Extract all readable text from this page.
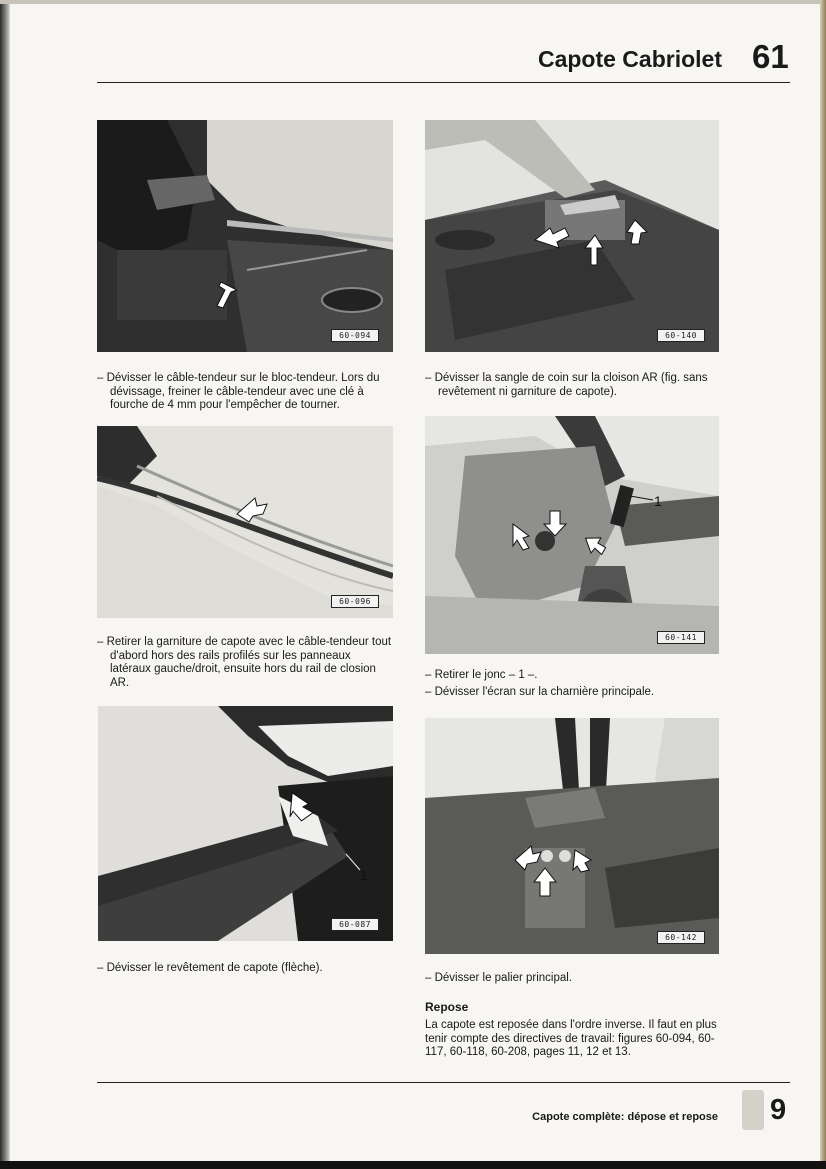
Capote Cabriolet 61
60-094	60-140

– Dévisser le câble-tendeur sur le bloc-tendeur. Lors du dévissage, freiner le câble-tendeur avec une clé à fourche de 4 mm pour l'empêcher de tourner.

– Dévisser la sangle de coin sur la cloison AR (fig. sans revêtement ni garniture de capote).

60-096
1
60-141

– Retirer la garniture de capote avec le câble-tendeur tout d'abord hors des rails profilés sur les panneaux latéraux gauche/droit, ensuite hors du rail de closion AR.

– Retirer le jonc – 1 –.

– Dévisser l'écran sur la charnière principale.

1
60-087
60-142

– Dévisser le revêtement de capote (flèche).

– Dévisser le palier principal.

Repose
La capote est reposée dans l'ordre inverse. Il faut en plus tenir compte des directives de travail: figures 60-094, 60-117, 60-118, 60-208, pages 11, 12 et 13.
Capote complète: dépose et repose 9
